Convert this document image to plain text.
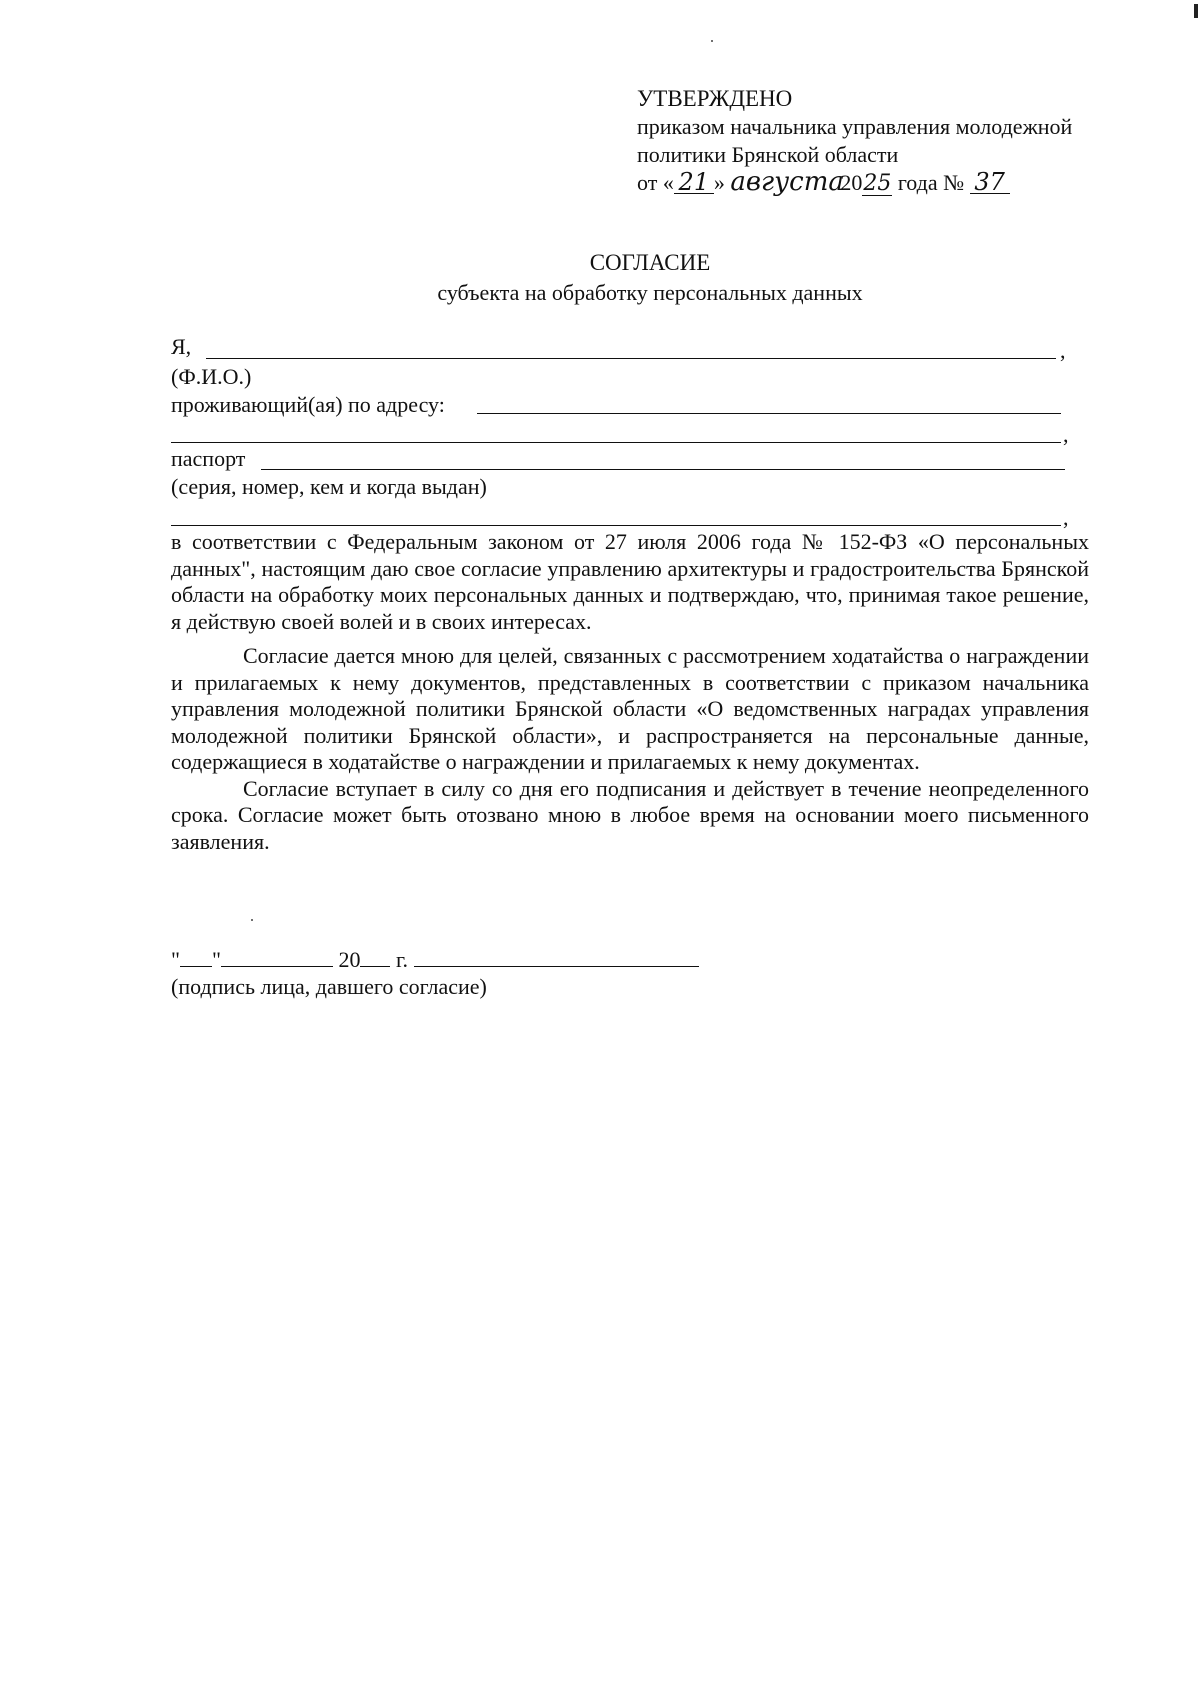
УТВЕРЖДЕНО
приказом начальника управления молодежной
политики Брянской области
от « 21 » августа2025 года № 37
СОГЛАСИЕ
субъекта на обработку персональных данных
Я,	,
(Ф.И.О.)
проживающий(ая) по адресу:
,
паспорт
(серия, номер, кем и когда выдан)
,

в соответствии с Федеральным законом от 27 июля 2006 года № 152-ФЗ «О персональных данных", настоящим даю свое согласие управлению архитектуры и градостроительства Брянской области на обработку моих персональных данных и подтверждаю, что, принимая такое решение, я действую своей волей и в своих интересах.

Согласие дается мною для целей, связанных с рассмотрением ходатайства о награждении и прилагаемых к нему документов, представленных в соответствии с приказом начальника управления молодежной политики Брянской области «О ведомственных наградах управления молодежной политики Брянской области», и распространяется на персональные данные, содержащиеся в ходатайстве о награждении и прилагаемых к нему документах.

Согласие вступает в силу со дня его подписания и действует в течение неопределенного срока. Согласие может быть отозвано мною в любое время на основании моего письменного заявления.

" "	20 г.
(подпись лица, давшего согласие)
